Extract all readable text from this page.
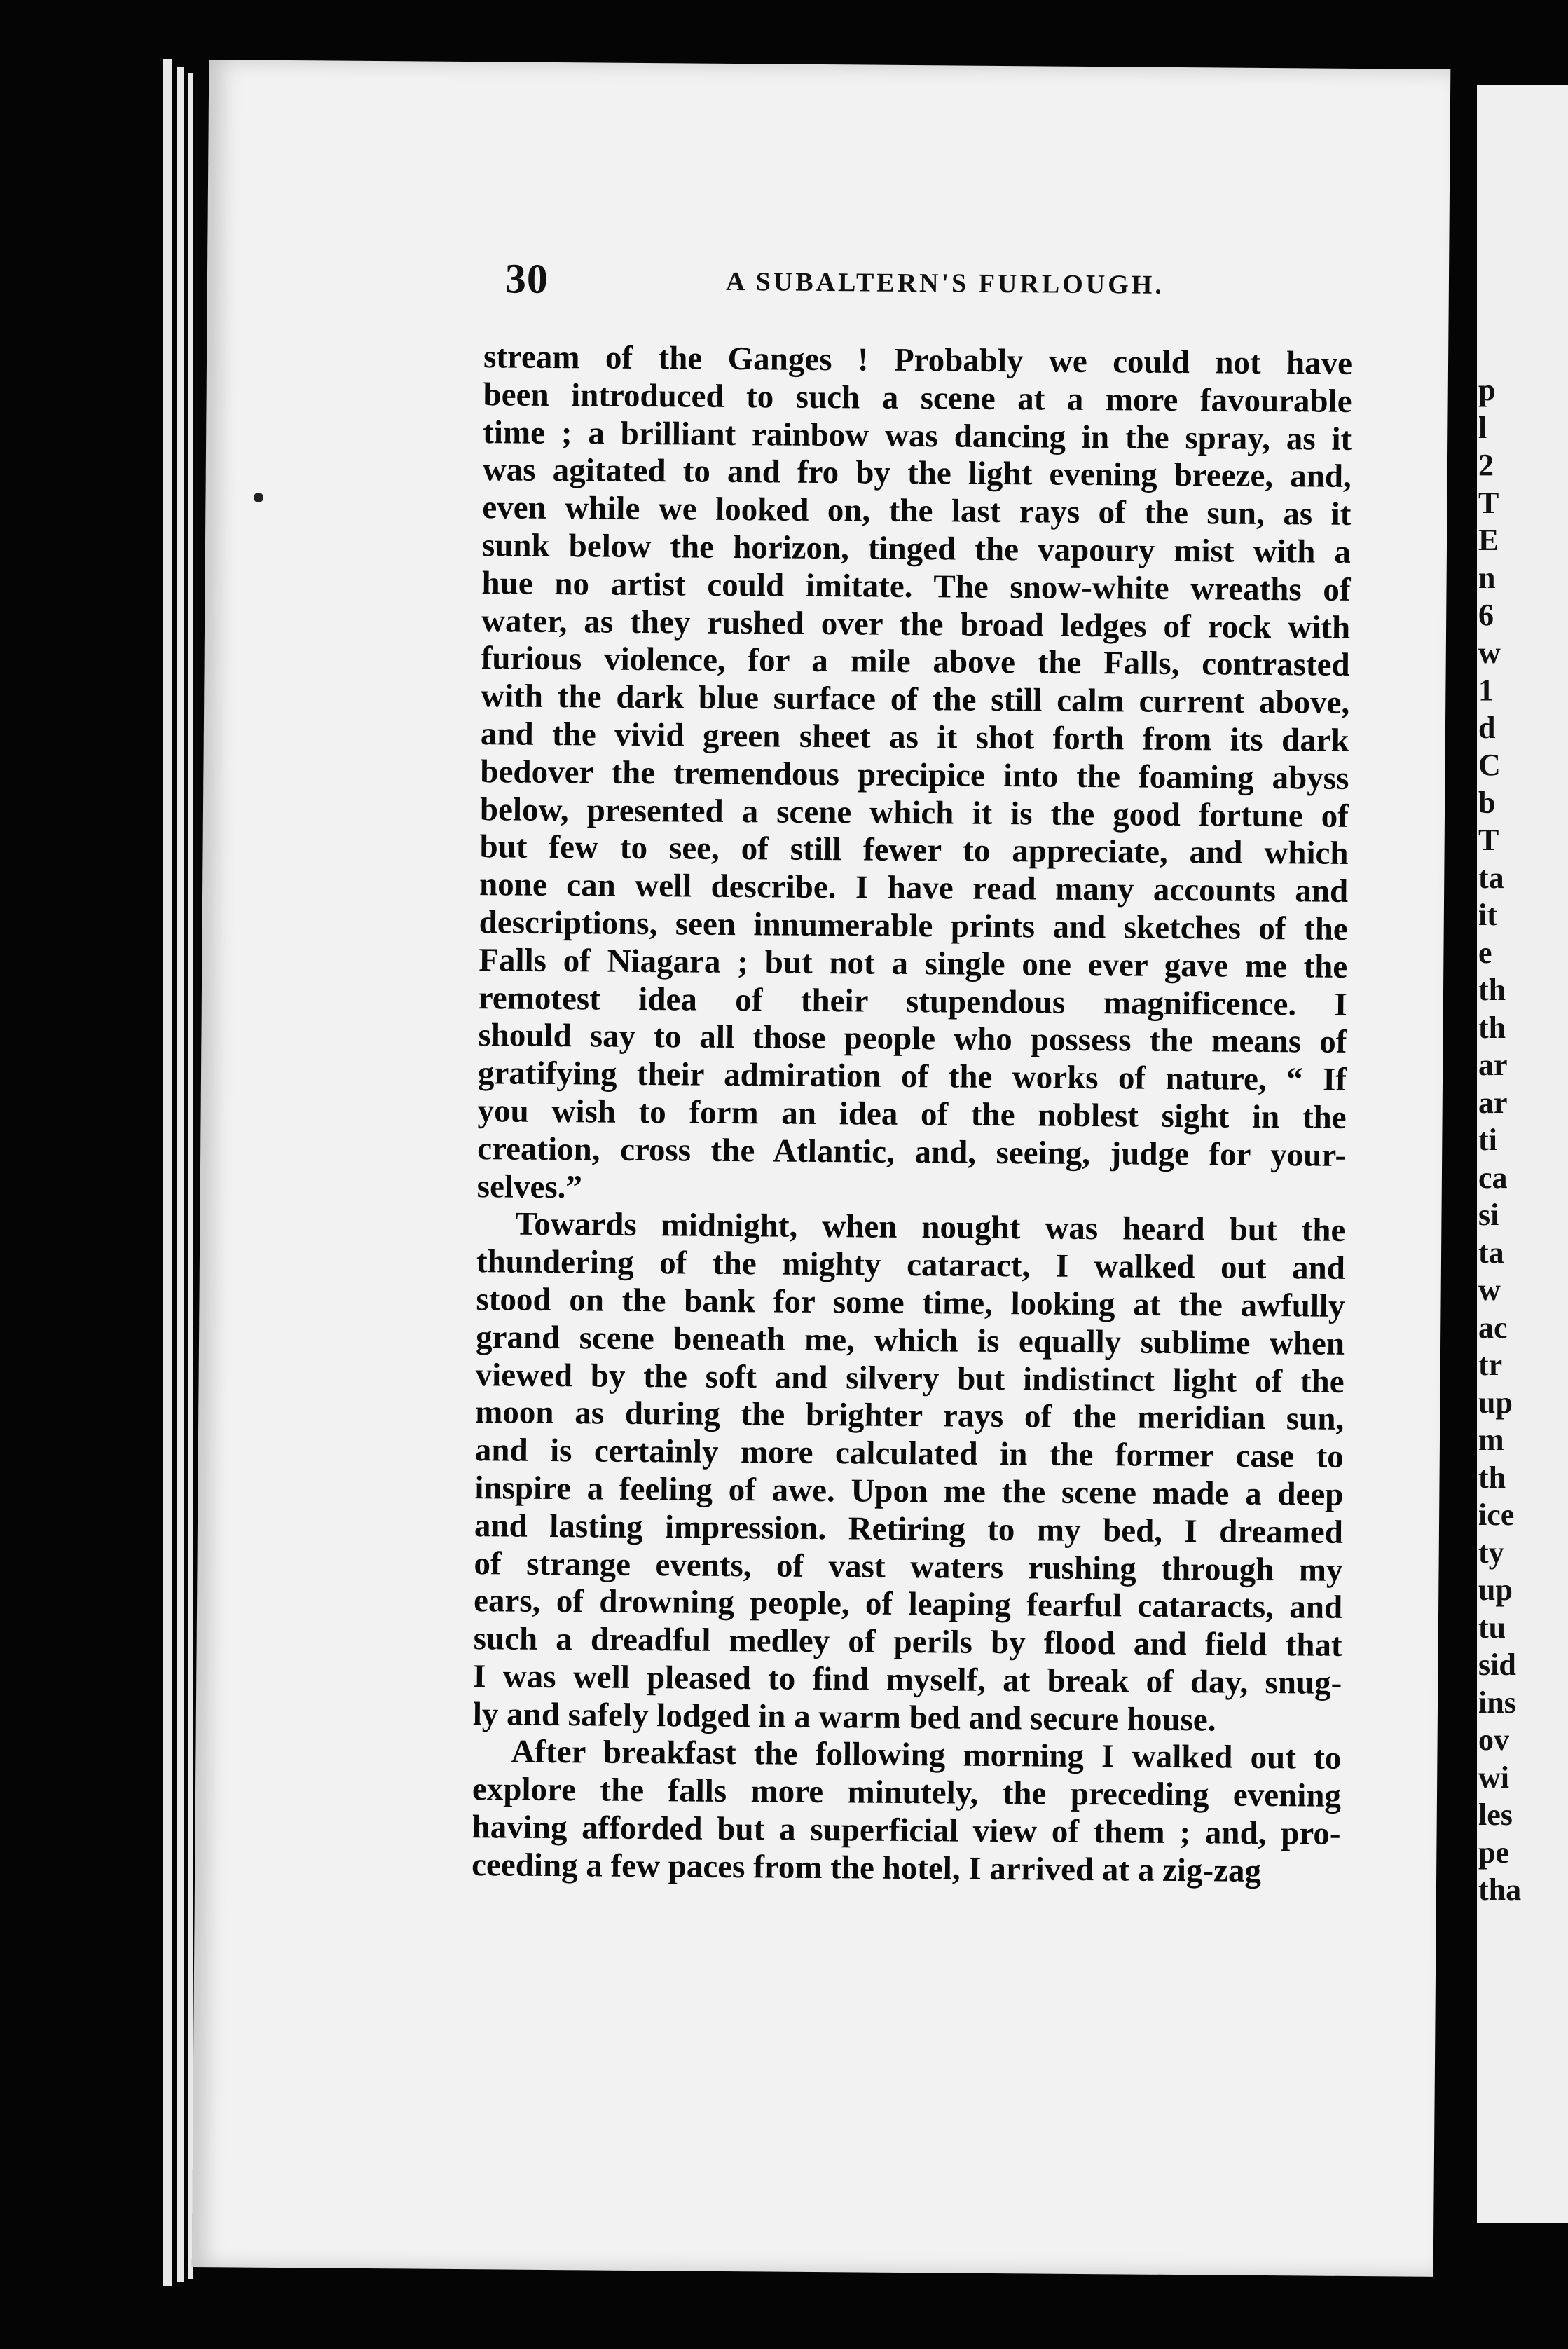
30	A SUBALTERN'S FURLOUGH.
stream of the Ganges ! Probably we could not have
been introduced to such a scene at a more favourable
time ; a brilliant rainbow was dancing in the spray, as it
was agitated to and fro by the light evening breeze, and,
even while we looked on, the last rays of the sun, as it
sunk below the horizon, tinged the vapoury mist with a
hue no artist could imitate. The snow-white wreaths of
water, as they rushed over the broad ledges of rock with
furious violence, for a mile above the Falls, contrasted
with the dark blue surface of the still calm current above,
and the vivid green sheet as it shot forth from its dark
bedover the tremendous precipice into the foaming abyss
below, presented a scene which it is the good fortune of
but few to see, of still fewer to appreciate, and which
none can well describe. I have read many accounts and
descriptions, seen innumerable prints and sketches of the
Falls of Niagara ; but not a single one ever gave me the
remotest idea of their stupendous magnificence. I
should say to all those people who possess the means of
gratifying their admiration of the works of nature, “ If
you wish to form an idea of the noblest sight in the
creation, cross the Atlantic, and, seeing, judge for your-
selves.”
Towards midnight, when nought was heard but the
thundering of the mighty cataract, I walked out and
stood on the bank for some time, looking at the awfully
grand scene beneath me, which is equally sublime when
viewed by the soft and silvery but indistinct light of the
moon as during the brighter rays of the meridian sun,
and is certainly more calculated in the former case to
inspire a feeling of awe. Upon me the scene made a deep
and lasting impression. Retiring to my bed, I dreamed
of strange events, of vast waters rushing through my
ears, of drowning people, of leaping fearful cataracts, and
such a dreadful medley of perils by flood and field that
I was well pleased to find myself, at break of day, snug-
ly and safely lodged in a warm bed and secure house.
After breakfast the following morning I walked out to
explore the falls more minutely, the preceding evening
having afforded but a superficial view of them ; and, pro-
ceeding a few paces from the hotel, I arrived at a zig-zag
p
l
2
T
E
n
6
w
1
d
C
b
T
ta
it
e
th
th
ar
ar
ti
ca
si
ta
w
ac
tr
up
m
th
ice
ty
up
tu
sid
ins
ov
wi
les
pe
tha
